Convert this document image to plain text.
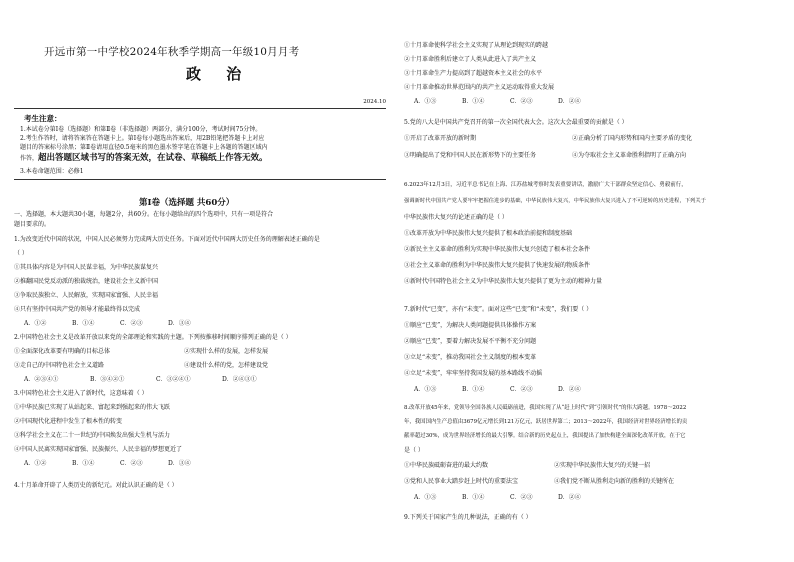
开远市第一中学校2024年秋季学期高一年级10月月考
政 治
2024.10
考生注意：
1.本试卷分第Ⅰ卷（选择题）和第Ⅱ卷（非选择题）两部分，满分100分，考试时间75分钟。
2.考生作答时，请将答案答在答题卡上。第Ⅰ卷每小题选出答案后，用2B铅笔把答题卡上对应
题目的答案标号涂黑；第Ⅱ卷请用直径0.5毫米的黑色墨水签字笔在答题卡上各题的答题区域内
作答，超出答题区域书写的答案无效，在试卷、草稿纸上作答无效。
3.本卷命题范围：必修1
第Ⅰ卷（选择题 共60分）
一、选择题，本大题共30小题，每题2分，共60分。在每小题给出的四个选项中，只有一项是符合
题目要求的。
1.为改变近代中国的状况，中国人民必须努力完成两大历史任务。下面对近代中国两大历史任务的理解表述正确的是
（ ）
①其具体内容是为中国人民谋幸福，为中华民族谋复兴
②推翻国民党反动派的独裁统治，建设社会主义新中国
③争取民族独立、人民解放，实现国家富强、人民幸福
④只有坚持中国共产党的领导才能最终得以完成
A．①②	B．①④	C．②③	D．③④
2.中国特色社会主义是改革开放以来党的全部理论和实践的主题。下列按推移时间顺序排列正确的是（ ）
①全面深化改革要有明确的目标总体	②实现什么样的发展，怎样发展
③走自己的中国特色社会主义道路	④建设什么样的党，怎样建设党
A．②③④①	B．③④②①	C．③②④①	D．②④③①
3.中国特色社会主义进入了新时代，这意味着（ ）
①中华民族已实现了从站起来、富起来到强起来的伟大飞跃
②中国现代化进程中发生了根本性的转变
③科学社会主义在二十一世纪的中国焕发出强大生机与活力
④中国人民离实现国家富强、民族振兴、人民幸福的梦想更近了
A．①②	B．①④	C．②③	D．③④
4.十月革命开辟了人类历史的新纪元。对此认识正确的是（ ）
①十月革命使科学社会主义实现了从理论到现实的跨越
②十月革命胜利后建立了人类从此进入了共产主义
③十月革命生产力提高到了超越资本主义社会的水平
④十月革命推动世界范围内的共产主义运动取得重大发展
A．①③	B．①④	C．②③	D．②④
5.党的八大是中国共产党召开的第一次全国代表大会。这次大会最重要的贡献是（ ）
①开启了改革开放的新时期	②正确分析了国内形势和国内主要矛盾的变化
③明确提出了党和中国人民在新形势下的主要任务	④为夺取社会主义革命胜利指明了正确方向
6.2023年12月3日，习近平总书记在上海、江苏盐城考察时发表重要讲话，激励广大干部群众坚定信心、勇毅前行，
强调新时代中国共产党人要牢牢把握住进步的基础，中华民族伟大复兴，中华民族伟大复兴进入了不可逆转的历史进程，下列关于
中华民族伟大复兴的论述正确的是（ ）
①改革开放为中华民族伟大复兴提供了根本政治前提和制度基础
②新民主主义革命的胜利为实现中华民族伟大复兴创造了根本社会条件
③社会主义革命的胜利为中华民族伟大复兴提供了快速发展的物质条件
④新时代中国特色社会主义为中华民族伟大复兴提供了更为主动的精神力量
7.新时代“已变”，亦有“未变”。面对这些“已变”和“未变”，我们要（ ）
①顺应“已变”，为解决人类问题提供具体操作方案
②顺应“已变”，要着力解决发展不平衡不充分问题
③立足“未变”，推动我国社会主义制度的根本变革
④立足“未变”，牢牢坚持我国发展的基本路线不动摇
A．①③	B．①④	C．②③	D．②④
8.改革开放45年来，党领导全国各族人民砥砺前进，我国实现了从“赶上时代”到“引领时代”的伟大跨越。1978～2022
年，我国国内生产总值由3679亿元增长到121万亿元，跃居世界第二；2013～2022年，我国经济对世界经济增长的贡
献率超过30%，成为世界经济增长的最大引擎。结合新的历史起点上，我国提出了加快构建全面深化改革开放，在于它
是（ ）
①中华民族砥砺奋进的最大约数	②实现中华民族伟大复兴的关键一招
③党和人民事业大踏步赶上时代的重要法宝	④我们党不断从胜利走向新的胜利的关键所在
A．①③	B．①④	C．②③	D．②④
9.下列关于国家产生的几种说法，正确的有（ ）
